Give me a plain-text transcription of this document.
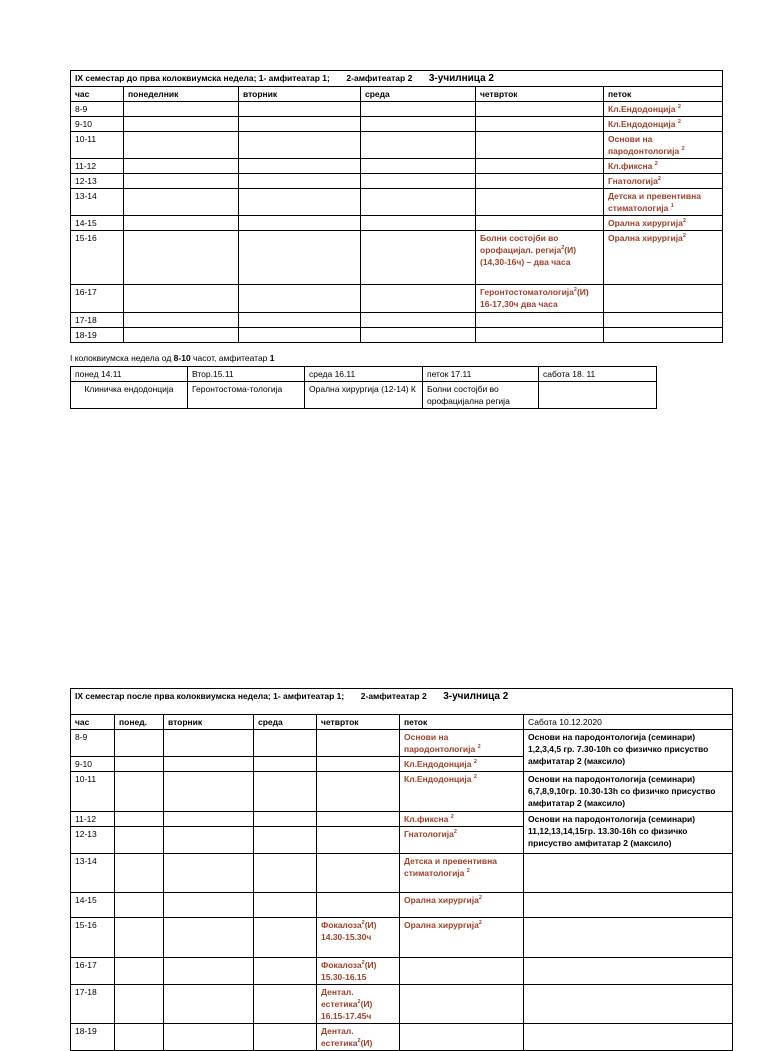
IX семестар до прва колоквиумска недела; 1- амфитеатар 1; 2-амфитеатар 2 3-училница 2					
час	понеделник	вторник	среда	четврток	петок
8-9					Кл.Ендодонција $^2$
9-10					Кл.Ендодонција $^2$
10-11					Основи на пародонтологија $^2$
11-12					Кл.фиксна $^2$
12-13					Гнатологија$^2$
13-14					Детска и превентивна стиматологија $^1$
14-15					Орална хирургија$^2$
15-16				Болни состојби во орофацијал. регија$^2$(И) (14,30-16ч) – два часа	Орална хирургија$^2$
16-17				Геронтостоматологија$^2$(И) 16-17,30ч два часа	
17-18					
18-19					
I колоквиумска недела од 8-10 часот, амфитеатар 1
понед 14.11	Втор.15.11	среда 16.11	петок 17.11	сабота 18. 11
Клиничка ендодонција	Геронтостома-тологија	Орална хирургија (12-14) К	Болни состојби во орофацијална регија	
IX семестар после прва колоквиумска недела; 1- амфитеатар 1; 2-амфитеатар 2 3-училница 2						
час	понед.	вторник	среда	четврток	петок	Сабота 10.12.2020
8-9					Основи на пародонтологија $^2$	Основи на пародонтологија (семинари) 1,2,3,4,5 гр. 7.30-10h со физичко присуство амфитатар 2 (максило)
9-10					Кл.Ендодонција $^2$
10-11					Кл.Ендодонција $^2$	Основи на пародонтологија (семинари) 6,7,8,9,10гр. 10.30-13h со физичко присуство амфитатар 2 (максило)
11-12					Кл.фиксна $^2$	Основи на пародонтологија (семинари) 11,12,13,14,15гр. 13.30-16h со физичко присуство амфитатар 2 (максило)
12-13					Гнатологија$^2$
13-14					Детска и превентивна стиматологија $^2$	
14-15					Орална хирургија$^2$	
15-16				Фокалоза$^2$(И) 14.30-15.30ч	Орална хирургија$^2$	
16-17				Фокалоза$^2$(И) 15.30-16.15		
17-18				Дентал. естетика$^2$(И) 16.15-17.45ч		
18-19				Дентал. естетика$^2$(И)		
